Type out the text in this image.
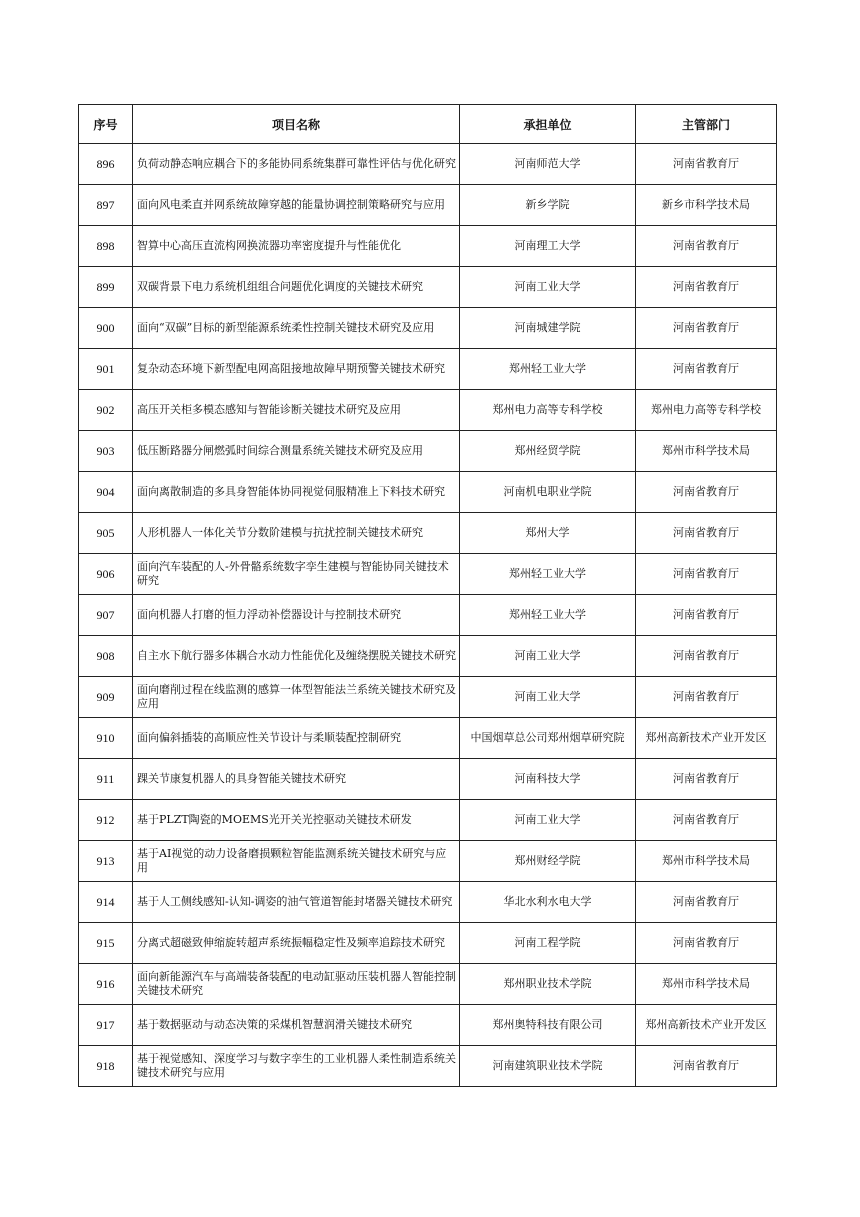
序号	项目名称	承担单位	主管部门
896	负荷动静态响应耦合下的多能协同系统集群可靠性评估与优化研究	河南师范大学	河南省教育厅
897	面向风电柔直并网系统故障穿越的能量协调控制策略研究与应用	新乡学院	新乡市科学技术局
898	智算中心高压直流构网换流器功率密度提升与性能优化	河南理工大学	河南省教育厅
899	双碳背景下电力系统机组组合问题优化调度的关键技术研究	河南工业大学	河南省教育厅
900	面向“双碳”目标的新型能源系统柔性控制关键技术研究及应用	河南城建学院	河南省教育厅
901	复杂动态环境下新型配电网高阻接地故障早期预警关键技术研究	郑州轻工业大学	河南省教育厅
902	高压开关柜多模态感知与智能诊断关键技术研究及应用	郑州电力高等专科学校	郑州电力高等专科学校
903	低压断路器分闸燃弧时间综合测量系统关键技术研究及应用	郑州经贸学院	郑州市科学技术局
904	面向离散制造的多具身智能体协同视觉伺服精准上下料技术研究	河南机电职业学院	河南省教育厅
905	人形机器人一体化关节分数阶建模与抗扰控制关键技术研究	郑州大学	河南省教育厅
906	面向汽车装配的人-外骨骼系统数字孪生建模与智能协同关键技术研究	郑州轻工业大学	河南省教育厅
907	面向机器人打磨的恒力浮动补偿器设计与控制技术研究	郑州轻工业大学	河南省教育厅
908	自主水下航行器多体耦合水动力性能优化及缠绕摆脱关键技术研究	河南工业大学	河南省教育厅
909	面向磨削过程在线监测的感算一体型智能法兰系统关键技术研究及应用	河南工业大学	河南省教育厅
910	面向偏斜插装的高顺应性关节设计与柔顺装配控制研究	中国烟草总公司郑州烟草研究院	郑州高新技术产业开发区
911	踝关节康复机器人的具身智能关键技术研究	河南科技大学	河南省教育厅
912	基于PLZT陶瓷的MOEMS光开关光控驱动关键技术研发	河南工业大学	河南省教育厅
913	基于AI视觉的动力设备磨损颗粒智能监测系统关键技术研究与应用	郑州财经学院	郑州市科学技术局
914	基于人工侧线感知-认知-调姿的油气管道智能封堵器关键技术研究	华北水利水电大学	河南省教育厅
915	分离式超磁致伸缩旋转超声系统振幅稳定性及频率追踪技术研究	河南工程学院	河南省教育厅
916	面向新能源汽车与高端装备装配的电动缸驱动压装机器人智能控制关键技术研究	郑州职业技术学院	郑州市科学技术局
917	基于数据驱动与动态决策的采煤机智慧润滑关键技术研究	郑州奥特科技有限公司	郑州高新技术产业开发区
918	基于视觉感知、深度学习与数字孪生的工业机器人柔性制造系统关键技术研究与应用	河南建筑职业技术学院	河南省教育厅
